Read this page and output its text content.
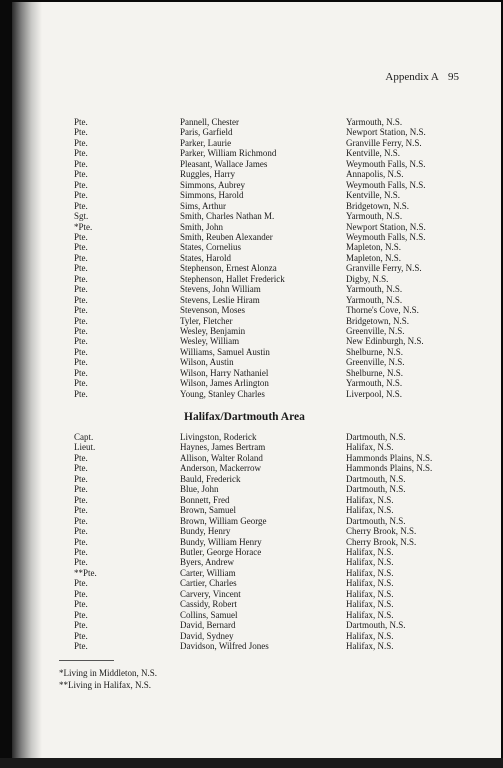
Appendix A 95
Pte.	Pannell, Chester	Yarmouth, N.S.
Pte.	Paris, Garfield	Newport Station, N.S.
Pte.	Parker, Laurie	Granville Ferry, N.S.
Pte.	Parker, William Richmond	Kentville, N.S.
Pte.	Pleasant, Wallace James	Weymouth Falls, N.S.
Pte.	Ruggles, Harry	Annapolis, N.S.
Pte.	Simmons, Aubrey	Weymouth Falls, N.S.
Pte.	Simmons, Harold	Kentville, N.S.
Pte.	Sims, Arthur	Bridgetown, N.S.
Sgt.	Smith, Charles Nathan M.	Yarmouth, N.S.
*Pte.	Smith, John	Newport Station, N.S.
Pte.	Smith, Reuben Alexander	Weymouth Falls, N.S.
Pte.	States, Cornelius	Mapleton, N.S.
Pte.	States, Harold	Mapleton, N.S.
Pte.	Stephenson, Ernest Alonza	Granville Ferry, N.S.
Pte.	Stephenson, Hallet Frederick	Digby, N.S.
Pte.	Stevens, John William	Yarmouth, N.S.
Pte.	Stevens, Leslie Hiram	Yarmouth, N.S.
Pte.	Stevenson, Moses	Thorne's Cove, N.S.
Pte.	Tyler, Fletcher	Bridgetown, N.S.
Pte.	Wesley, Benjamin	Greenville, N.S.
Pte.	Wesley, William	New Edinburgh, N.S.
Pte.	Williams, Samuel Austin	Shelburne, N.S.
Pte.	Wilson, Austin	Greenville, N.S.
Pte.	Wilson, Harry Nathaniel	Shelburne, N.S.
Pte.	Wilson, James Arlington	Yarmouth, N.S.
Pte.	Young, Stanley Charles	Liverpool, N.S.
Halifax/Dartmouth Area
Capt.	Livingston, Roderick	Dartmouth, N.S.
Lieut.	Haynes, James Bertram	Halifax, N.S.
Pte.	Allison, Walter Roland	Hammonds Plains, N.S.
Pte.	Anderson, Mackerrow	Hammonds Plains, N.S.
Pte.	Bauld, Frederick	Dartmouth, N.S.
Pte.	Blue, John	Dartmouth, N.S.
Pte.	Bonnett, Fred	Halifax, N.S.
Pte.	Brown, Samuel	Halifax, N.S.
Pte.	Brown, William George	Dartmouth, N.S.
Pte.	Bundy, Henry	Cherry Brook, N.S.
Pte.	Bundy, William Henry	Cherry Brook, N.S.
Pte.	Butler, George Horace	Halifax, N.S.
Pte.	Byers, Andrew	Halifax, N.S.
**Pte.	Carter, William	Halifax, N.S.
Pte.	Cartier, Charles	Halifax, N.S.
Pte.	Carvery, Vincent	Halifax, N.S.
Pte.	Cassidy, Robert	Halifax, N.S.
Pte.	Collins, Samuel	Halifax, N.S.
Pte.	David, Bernard	Dartmouth, N.S.
Pte.	David, Sydney	Halifax, N.S.
Pte.	Davidson, Wilfred Jones	Halifax, N.S.
*Living in Middleton, N.S.
**Living in Halifax, N.S.
